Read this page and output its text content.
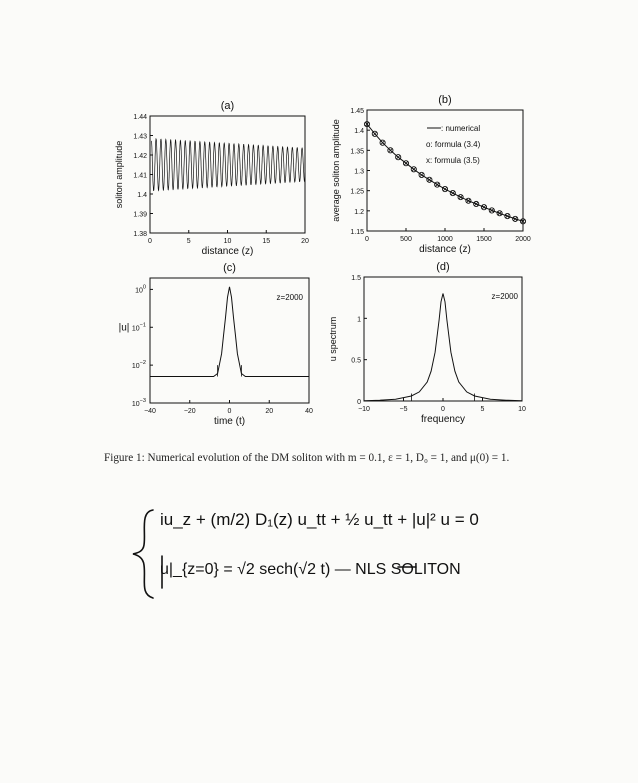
(a)
0	5	10	15	20
1.38
1.39
1.4
1.41
1.42
1.43
1.44
distance (z)
soliton amplitude
(b)
0	500	1000	1500	2000
1.15
1.2
1.25
1.3
1.35
1.4
1.45
distance (z)
average soliton amplitude	: numerical
o: formula (3.4)
x: formula (3.5)
(c)
−40	−20	0	20	40
$10^0$
$10^{-1}$
$10^{-2}$
$10^{-3}$
time (t)
|u|
z=2000
(d)
−10	−5	0	5	10
0
0.5
1
1.5
frequency
u spectrum
z=2000
iu_z + (m/2) D₁(z) u_tt + ½ u_tt + |u|² u = 0
u|_{z=0} = √2 sech(√2 t) — NLS SOLITON
Figure 1: Numerical evolution of the DM soliton with m = 0.1, ε = 1, D₀ = 1, and μ(0) = 1.
